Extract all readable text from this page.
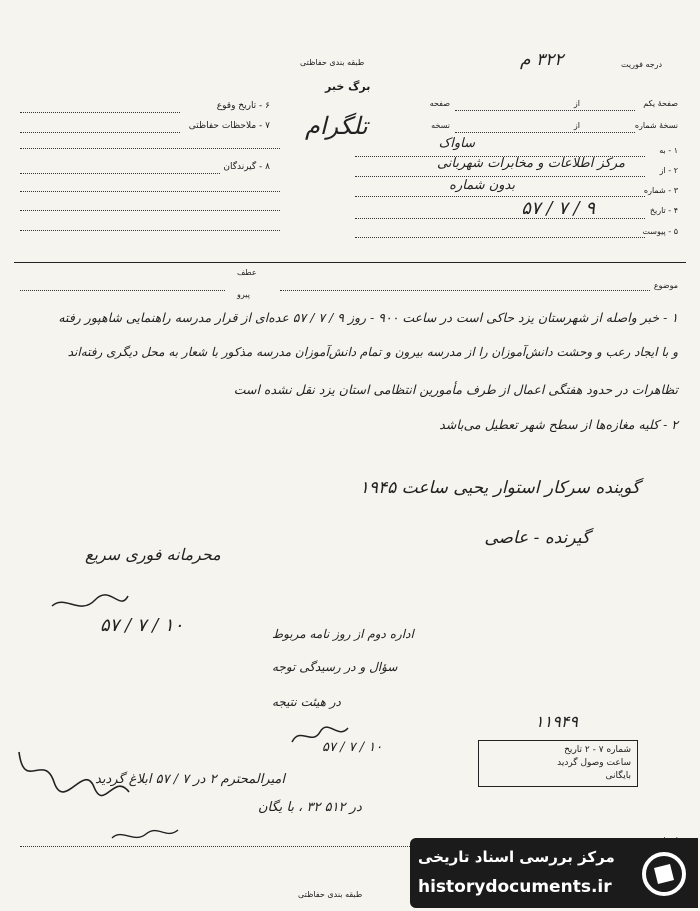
طبقه بندی حفاظتی
برگ خبر
تلگرام
درجه فوریت
۳۲۲ م
۶ - تاریخ وقوع
۷ - ملاحظات حفاظتی
۸ - گیرندگان
صفحهٔ یکم
از
صفحه
نسخهٔ شماره
از
نسخه
۱ - به
ساواک
۲ - از
مرکز اطلاعات و مخابرات شهربانی
۳ - شماره
بدون شماره
۴ - تاریخ
۹ / ۷ / ۵۷
۵ - پیوست
عطف
پیرو
موضوع
۱ - خبر واصله از شهرستان یزد حاکی است در ساعت ۹۰۰ - روز ۹ / ۷ / ۵۷ عده‌ای از قرار مدرسه راهنمایی شاهپور رفته
و با ایجاد رعب و وحشت دانش‌آموزان را از مدرسه بیرون و تمام دانش‌آموزان مدرسه مذکور با شعار به محل دیگری رفته‌اند
تظاهرات در حدود هفتگی اعمال از طرف مأمورین انتظامی استان یزد نقل نشده است
۲ - کلیه مغازه‌ها از سطح شهر تعطیل می‌باشد
گوینده سرکار استوار یحیی ساعت ۱۹۴۵
گیرنده - عاصی
محرمانه فوری سریع
۱۰ / ۷ / ۵۷	اداره دوم از روز نامه مربوط
سؤال و در رسیدگی توجه
در هیئت نتیجه
۱۰ / ۷ / ۵۷
۱۱۹۴۹
شماره ۷ - ۲ تاریخ
ساعت وصول گردید
بایگانی
امیرالمحترم ۲ در ۷ / ۵۷ ابلاغ گردید
در ۵۱۲ ۳۲ ، با یگان
طبقه بندی حفاظتی
مرکز بررسی اسناد تاریخی
historydocuments.ir
